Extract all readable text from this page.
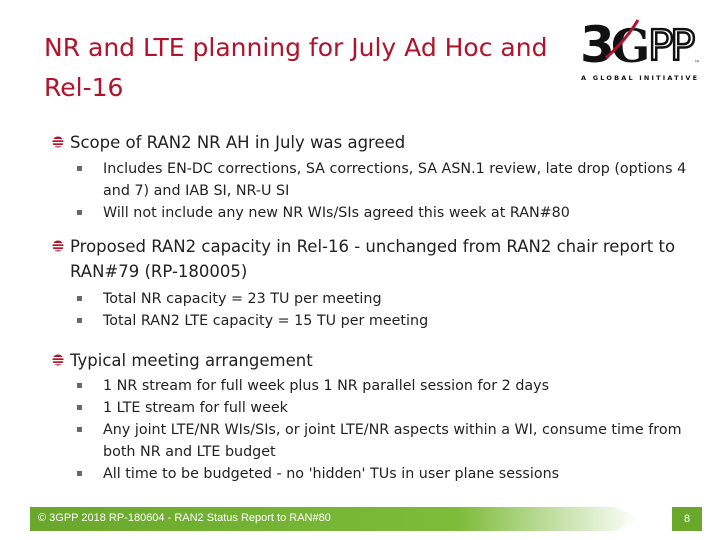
NR and LTE planning for July Ad Hoc and Rel-16
3
G
P
P
™
A GLOBAL INITIATIVE

Scope of RAN2 NR AH in July was agreed

▪ Includes EN-DC corrections, SA corrections, SA ASN.1 review, late drop (options 4 and 7) and IAB SI, NR-U SI
▪ Will not include any new NR WIs/SIs agreed this week at RAN#80

Proposed RAN2 capacity in Rel-16 - unchanged from RAN2 chair report to RAN#79 (RP-180005)

▪ Total NR capacity = 23 TU per meeting
▪ Total RAN2 LTE capacity = 15 TU per meeting

Typical meeting arrangement

▪ 1 NR stream for full week plus 1 NR parallel session for 2 days
▪ 1 LTE stream for full week
▪ Any joint LTE/NR WIs/SIs, or joint LTE/NR aspects within a WI, consume time from both NR and LTE budget
▪ All time to be budgeted - no 'hidden' TUs in user plane sessions
© 3GPP 2018 RP-180604 - RAN2 Status Report to RAN#80	8
